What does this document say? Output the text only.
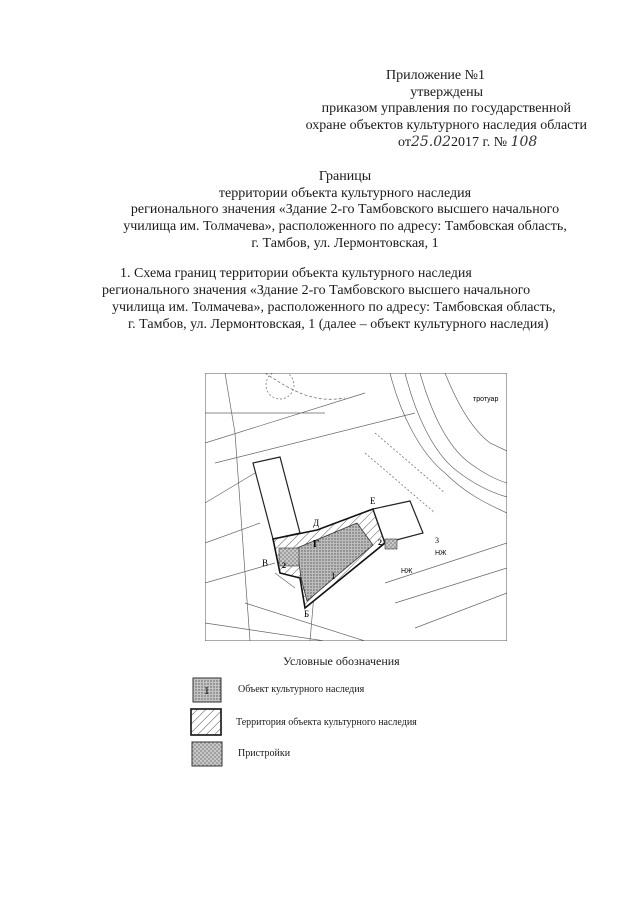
Приложение №1
утверждены
приказом управления по государственной
охране объектов культурного наследия области
от25.022017 г. № 108
Границы
территории объекта культурного наследия
регионального значения «Здание 2-го Тамбовского высшего начального
училища им. Толмачева», расположенного по адресу: Тамбовская область,
г. Тамбов, ул. Лермонтовская, 1
1. Схема границ территории объекта культурного наследия
регионального значения «Здание 2-го Тамбовского высшего начального
училища им. Толмачева», расположенного по адресу: Тамбовская область,
г. Тамбов, ул. Лермонтовская, 1 (далее – объект культурного наследия)
Д
Г
Е
В
Б
1
2
2	3
НЖ
НЖ
тротуар
Условные обозначения
1	Объект культурного наследия
Территория объекта культурного наследия
Пристройки
